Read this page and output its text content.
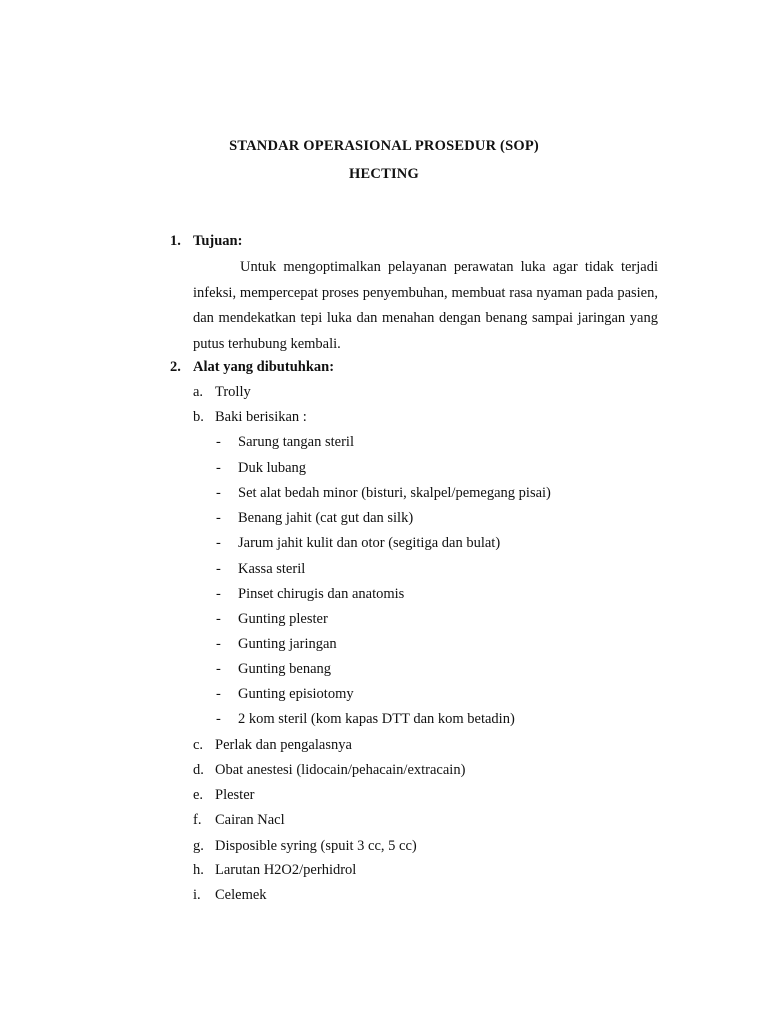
STANDAR OPERASIONAL PROSEDUR (SOP)
HECTING
1. Tujuan:
Untuk mengoptimalkan pelayanan perawatan luka agar tidak terjadi infeksi, mempercepat proses penyembuhan, membuat rasa nyaman pada pasien, dan mendekatkan tepi luka dan menahan dengan benang sampai jaringan yang putus terhubung kembali.
2. Alat yang dibutuhkan:
a. Trolly
b. Baki berisikan :
- Sarung tangan steril
- Duk lubang
- Set alat bedah minor (bisturi, skalpel/pemegang pisai)
- Benang jahit (cat gut dan silk)
- Jarum jahit kulit dan otor (segitiga dan bulat)
- Kassa steril
- Pinset chirugis dan anatomis
- Gunting plester
- Gunting jaringan
- Gunting benang
- Gunting episiotomy
- 2 kom steril (kom kapas DTT dan kom betadin)
c. Perlak dan pengalasnya
d. Obat anestesi (lidocain/pehacain/extracain)
e. Plester
f. Cairan Nacl
g. Disposible syring (spuit 3 cc, 5 cc)
h. Larutan H2O2/perhidrol
i. Celemek
